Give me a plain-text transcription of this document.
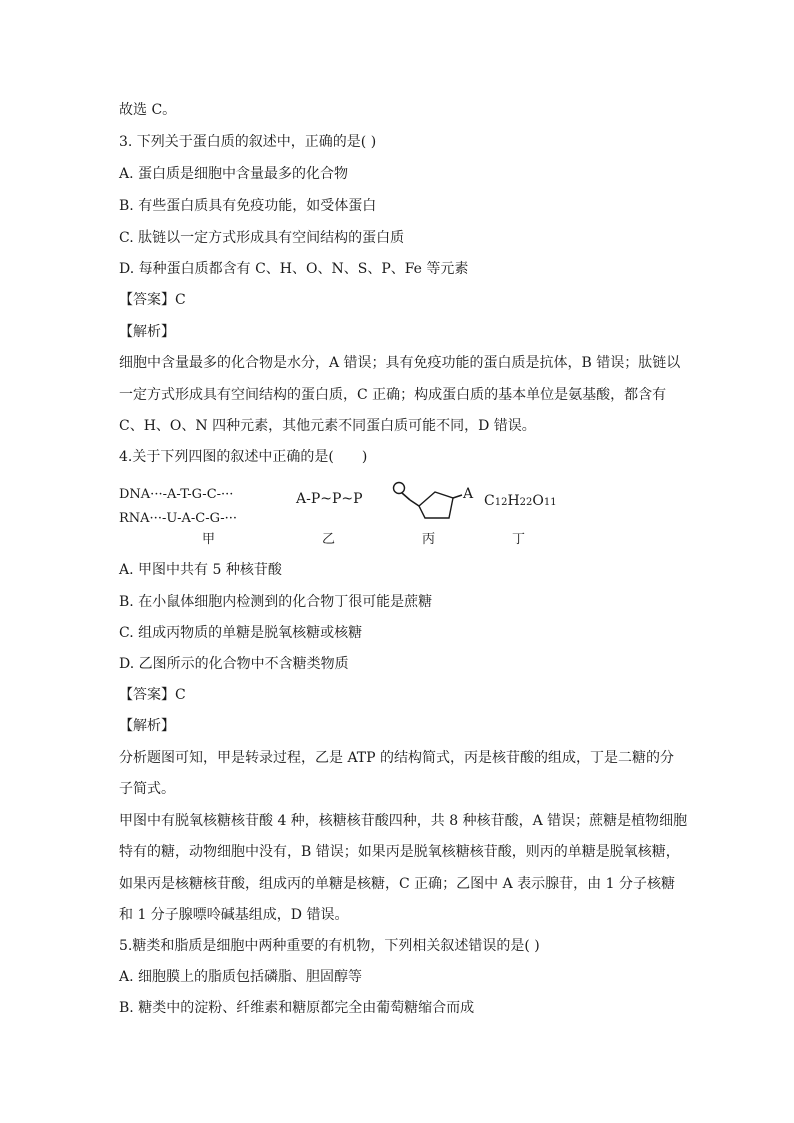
故选 C。
3. 下列关于蛋白质的叙述中，正确的是( )
A. 蛋白质是细胞中含量最多的化合物
B. 有些蛋白质具有免疫功能，如受体蛋白
C. 肽链以一定方式形成具有空间结构的蛋白质
D. 每种蛋白质都含有 C、H、O、N、S、P、Fe 等元素
【答案】C
【解析】
细胞中含量最多的化合物是水分，A 错误；具有免疫功能的蛋白质是抗体，B 错误；肽链以
一定方式形成具有空间结构的蛋白质，C 正确；构成蛋白质的基本单位是氨基酸，都含有
C、H、O、N 四种元素，其他元素不同蛋白质可能不同，D 错误。
4.关于下列四图的叙述中正确的是(　　)
DNA···-A-T-G-C-···
RNA···-U-A-C-G-···
甲
A-P~P~P
乙
A
丙
C12H22O11
丁
A. 甲图中共有 5 种核苷酸
B. 在小鼠体细胞内检测到的化合物丁很可能是蔗糖
C. 组成丙物质的单糖是脱氧核糖或核糖
D. 乙图所示的化合物中不含糖类物质
【答案】C
【解析】
分析题图可知，甲是转录过程，乙是 ATP 的结构简式，丙是核苷酸的组成，丁是二糖的分
子简式。
甲图中有脱氧核糖核苷酸 4 种，核糖核苷酸四种，共 8 种核苷酸，A 错误；蔗糖是植物细胞
特有的糖，动物细胞中没有，B 错误；如果丙是脱氧核糖核苷酸，则丙的单糖是脱氧核糖，
如果丙是核糖核苷酸，组成丙的单糖是核糖，C 正确；乙图中 A 表示腺苷，由 1 分子核糖
和 1 分子腺嘌呤碱基组成，D 错误。
5.糖类和脂质是细胞中两种重要的有机物，下列相关叙述错误的是( )
A. 细胞膜上的脂质包括磷脂、胆固醇等
B. 糖类中的淀粉、纤维素和糖原都完全由葡萄糖缩合而成
